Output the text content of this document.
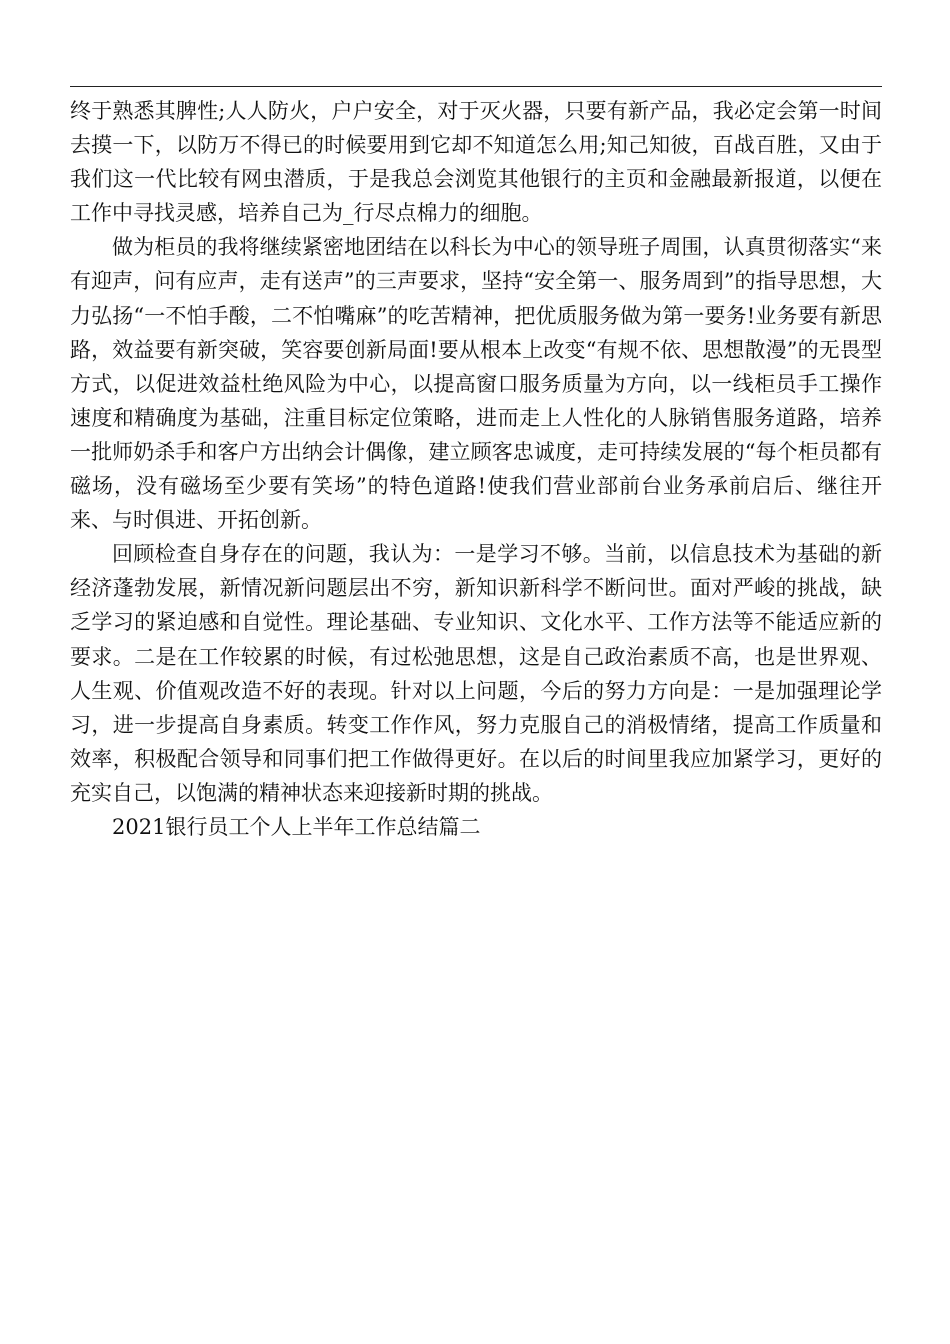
终于熟悉其脾性;人人防火，户户安全，对于灭火器，只要有新产品，我必定会第一时间去摸一下，以防万不得已的时候要用到它却不知道怎么用;知己知彼，百战百胜，又由于我们这一代比较有网虫潜质，于是我总会浏览其他银行的主页和金融最新报道，以便在工作中寻找灵感，培养自己为_行尽点棉力的细胞。

做为柜员的我将继续紧密地团结在以科长为中心的领导班子周围，认真贯彻落实“来有迎声，问有应声，走有送声”的三声要求，坚持“安全第一、服务周到”的指导思想，大力弘扬“一不怕手酸，二不怕嘴麻”的吃苦精神，把优质服务做为第一要务!业务要有新思路，效益要有新突破，笑容要创新局面!要从根本上改变“有规不依、思想散漫”的无畏型方式，以促进效益杜绝风险为中心，以提高窗口服务质量为方向，以一线柜员手工操作速度和精确度为基础，注重目标定位策略，进而走上人性化的人脉销售服务道路，培养一批师奶杀手和客户方出纳会计偶像，建立顾客忠诚度，走可持续发展的“每个柜员都有磁场，没有磁场至少要有笑场”的特色道路!使我们营业部前台业务承前启后、继往开来、与时俱进、开拓创新。

回顾检查自身存在的问题，我认为：一是学习不够。当前，以信息技术为基础的新经济蓬勃发展，新情况新问题层出不穷，新知识新科学不断问世。面对严峻的挑战，缺乏学习的紧迫感和自觉性。理论基础、专业知识、文化水平、工作方法等不能适应新的要求。二是在工作较累的时候，有过松弛思想，这是自己政治素质不高，也是世界观、人生观、价值观改造不好的表现。针对以上问题，今后的努力方向是：一是加强理论学习，进一步提高自身素质。转变工作作风，努力克服自己的消极情绪，提高工作质量和效率，积极配合领导和同事们把工作做得更好。在以后的时间里我应加紧学习，更好的充实自己，以饱满的精神状态来迎接新时期的挑战。

2021银行员工个人上半年工作总结篇二
